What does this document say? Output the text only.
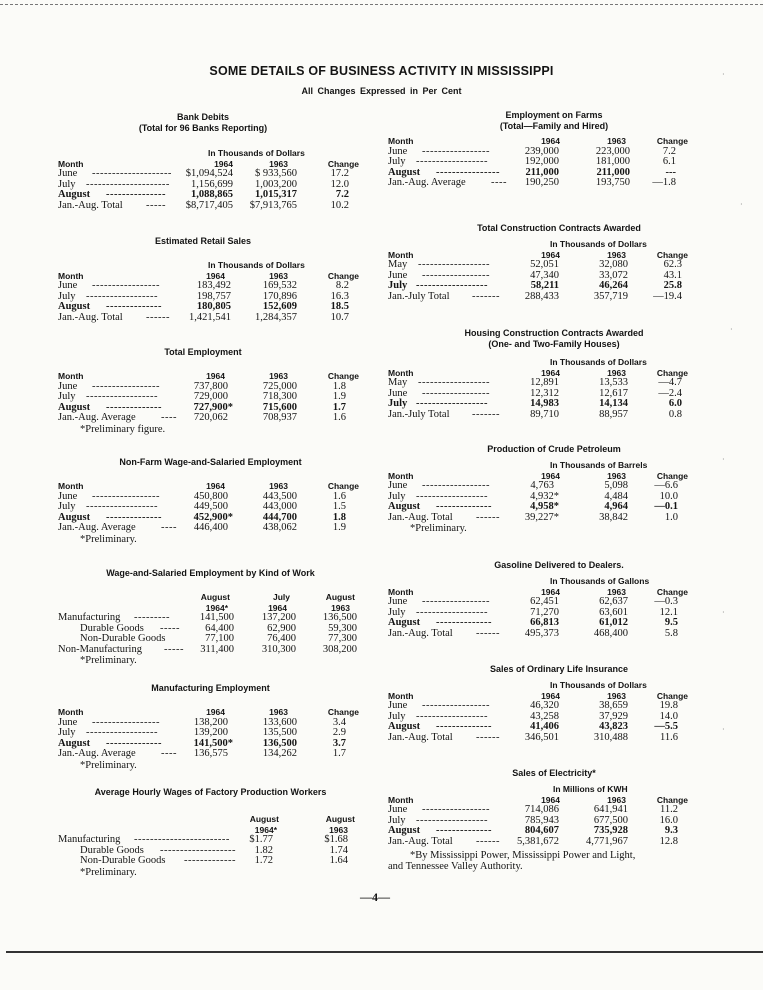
SOME DETAILS OF BUSINESS ACTIVITY IN MISSISSIPPI
All Changes Expressed in Per Cent
Bank Debits
(Total for 96 Banks Reporting)
In Thousands of Dollars
Month	1964	1963	Change
June -------------------- $1,094,524 $ 933,560	17.2
July --------------------- 1,156,699 1,003,200	12.0
August --------------- 1,088,865 1,015,317	7.2
Jan.-Aug. Total ----- $8,717,405 $7,913,765	10.2
Estimated Retail Sales
In Thousands of Dollars
Month	1964	1963	Change
June -----------------	183,492	169,532	8.2
July ------------------	198,757	170,896	16.3
August --------------	180,805	152,609	18.5
Jan.-Aug. Total ------ 1,421,541 1,284,357	10.7
Total Employment
Month	1964	1963	Change
June -----------------	737,800	725,000	1.8
July ------------------	729,000	718,300	1.9
August --------------	727,900*	715,600	1.7
Jan.-Aug. Average ---- 720,062	708,937	1.6
*Preliminary figure.
Non-Farm Wage-and-Salaried Employment
Month	1964	1963	Change
June -----------------	450,800	443,500	1.6
July ------------------	449,500	443,000	1.5
August --------------	452,900*	444,700	1.8
Jan.-Aug. Average ---- 446,400	438,062	1.9
*Preliminary.
Wage-and-Salaried Employment by Kind of Work
August	July	August
1964*	1964	1963
Manufacturing ---------	141,500	137,200	136,500
Durable Goods ----- 64,400	62,900	59,300
Non-Durable Goods	77,100	76,400	77,300
Non-Manufacturing ----- 311,400	310,300	308,200
*Preliminary.
Manufacturing Employment
Month	1964	1963	Change
June -----------------	138,200	133,600	3.4
July ------------------	139,200	135,500	2.9
August --------------	141,500*	136,500	3.7
Jan.-Aug. Average ---- 136,575	134,262	1.7
*Preliminary.
Average Hourly Wages of Factory Production Workers
August	August
1964*	1963
Manufacturing ------------------------ $1.77	$1.68
Durable Goods ------------------- 1.82	1.74
Non-Durable Goods ------------- 1.72	1.64
*Preliminary.
Employment on Farms
(Total—Family and Hired)
Month	1964	1963	Change
June -----------------	239,000	223,000	7.2
July ------------------	192,000	181,000	6.1
August ---------------- 211,000	211,000	---
Jan.-Aug. Average ---- 190,250	193,750 —1.8
Total Construction Contracts Awarded
In Thousands of Dollars
Month	1964	1963	Change
May ------------------	52,051	32,080	62.3
June -----------------	47,340	33,072	43.1
July ------------------	58,211	46,264	25.8
Jan.-July Total ------- 288,433	357,719 —19.4
Housing Construction Contracts Awarded
(One- and Two-Family Houses)
In Thousands of Dollars
Month	1964	1963	Change
May ------------------	12,891	13,533	—4.7
June -----------------	12,312	12,617	—2.4
July ------------------	14,983	14,134	6.0
Jan.-July Total -------	89,710	88,957	0.8
Production of Crude Petroleum
In Thousands of Barrels
Month	1964	1963	Change
June -----------------	4,763	5,098	—6.6
July ------------------	4,932*	4,484	10.0
August --------------	4,958*	4,964	—0.1
Jan.-Aug. Total ------ 39,227*	38,842	1.0
*Preliminary.
Gasoline Delivered to Dealers.
In Thousands of Gallons
Month	1964	1963	Change
June -----------------	62,451	62,637	—0.3
July ------------------	71,270	63,601	12.1
August --------------	66,813	61,012	9.5
Jan.-Aug. Total ------ 495,373	468,400	5.8
Sales of Ordinary Life Insurance
In Thousands of Dollars
Month	1964	1963	Change
June -----------------	46,320	38,659	19.8
July ------------------	43,258	37,929	14.0
August --------------	41,406	43,823	—5.5
Jan.-Aug. Total ------ 346,501	310,488	11.6
Sales of Electricity*
In Millions of KWH
Month	1964	1963	Change
June -----------------	714,086	641,941	11.2
July ------------------	785,943	677,500	16.0
August --------------	804,607	735,928	9.3
Jan.-Aug. Total ------ 5,381,672	4,771,967	12.8
*By Mississippi Power, Mississippi Power and Light,
and Tennessee Valley Authority.
—4—
·
·
·
·
·
·
